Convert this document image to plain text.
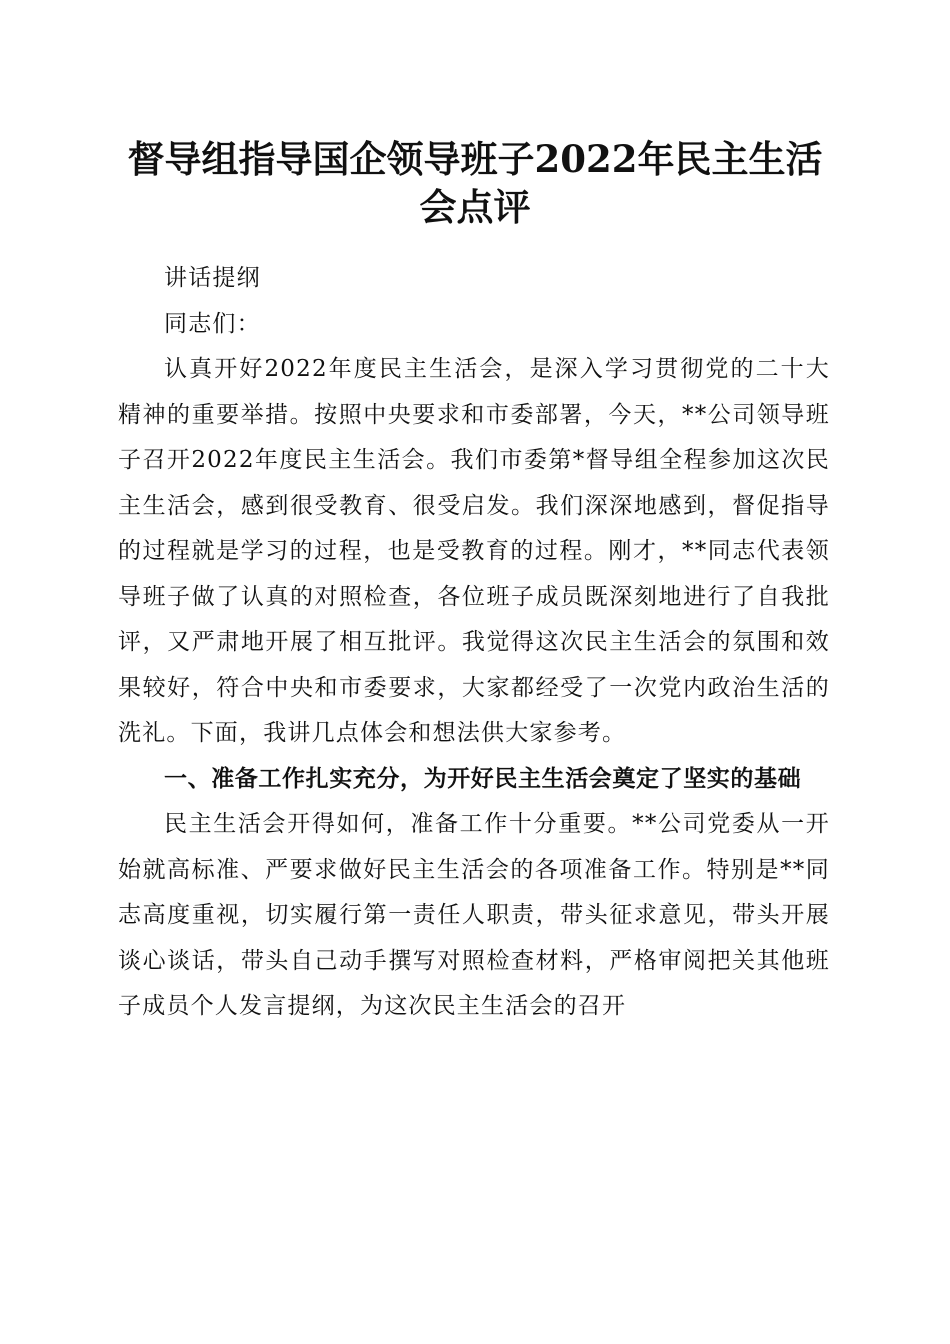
督导组指导国企领导班子2022年民主生活会点评

讲话提纲

同志们：

认真开好2022年度民主生活会，是深入学习贯彻党的二十大精神的重要举措。按照中央要求和市委部署，今天，**公司领导班子召开2022年度民主生活会。我们市委第*督导组全程参加这次民主生活会，感到很受教育、很受启发。我们深深地感到，督促指导的过程就是学习的过程，也是受教育的过程。刚才，**同志代表领导班子做了认真的对照检查，各位班子成员既深刻地进行了自我批评，又严肃地开展了相互批评。我觉得这次民主生活会的氛围和效果较好，符合中央和市委要求，大家都经受了一次党内政治生活的洗礼。下面，我讲几点体会和想法供大家参考。

一、准备工作扎实充分，为开好民主生活会奠定了坚实的基础

民主生活会开得如何，准备工作十分重要。**公司党委从一开始就高标准、严要求做好民主生活会的各项准备工作。特别是**同志高度重视，切实履行第一责任人职责，带头征求意见，带头开展谈心谈话，带头自己动手撰写对照检查材料，严格审阅把关其他班子成员个人发言提纲，为这次民主生活会的召开
